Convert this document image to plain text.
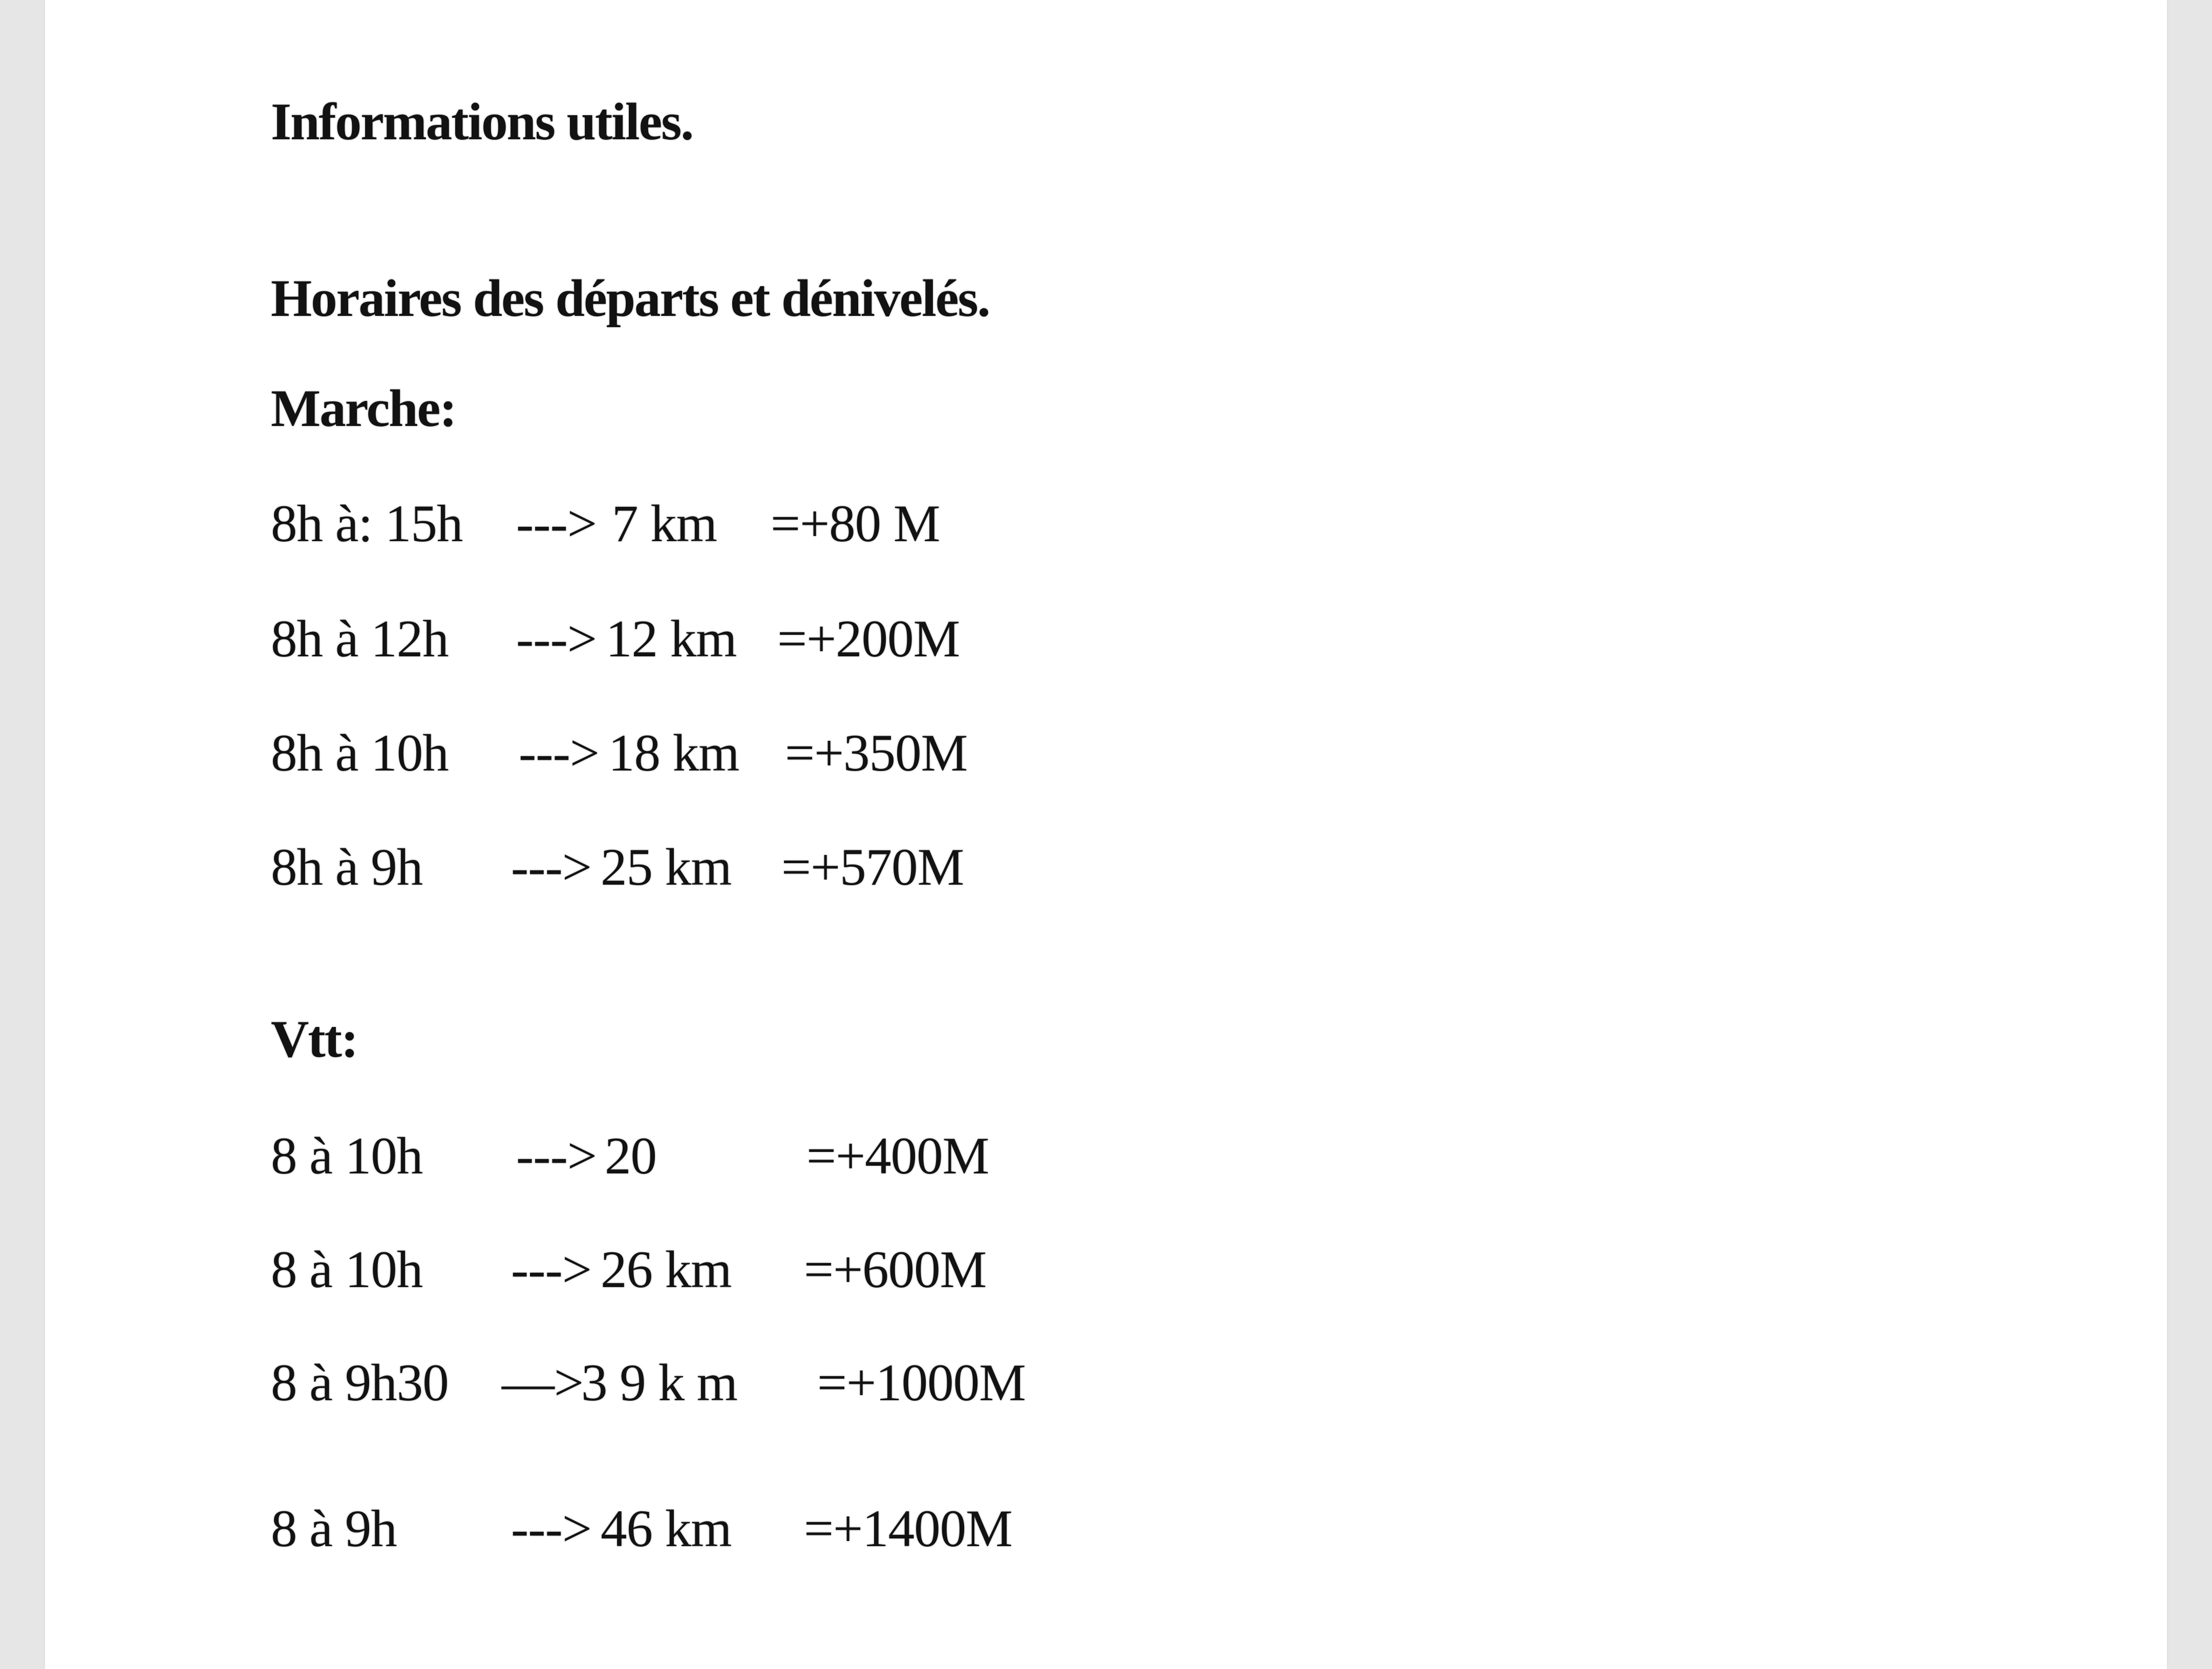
Informations utiles.
Horaires des départs et dénivelés.
Marche:
8h à: 15h ---> 7 km =+80 M
8h à 12h ---> 12 km =+200M
8h à 10h ---> 18 km =+350M
8h à 9h ---> 25 km =+570M
Vtt:
8 à 10h ---> 20	=+400M
8 à 10h ---> 26 km =+600M
8 à 9h30 —>
3 9 k m =+1000M
8 à 9h ---> 46 km =+1400M
